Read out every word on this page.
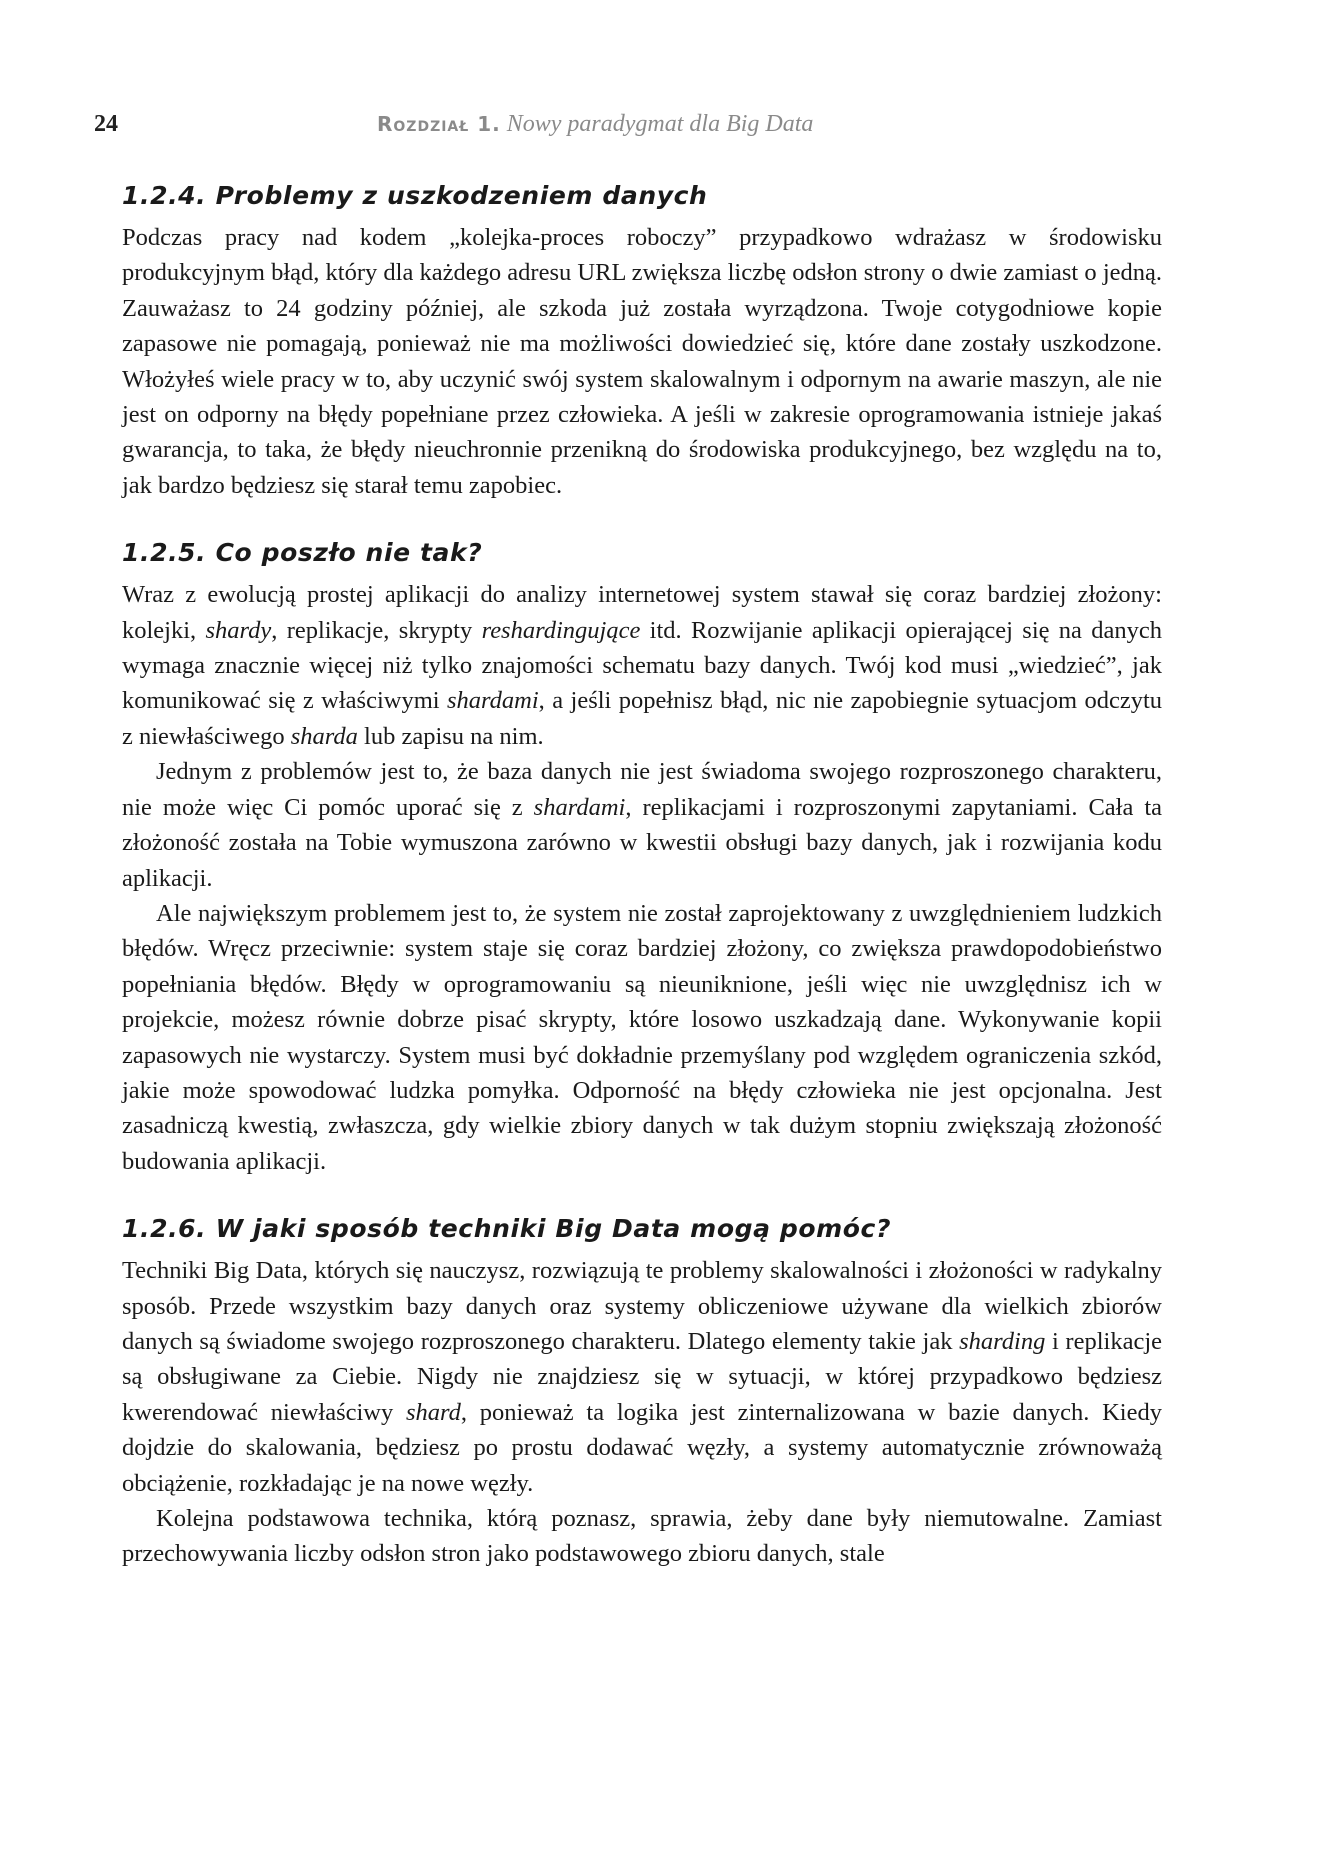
24	Rozdział 1. Nowy paradygmat dla Big Data
1.2.4. Problemy z uszkodzeniem danych

Podczas pracy nad kodem „kolejka-proces roboczy” przypadkowo wdrażasz w środowisku produkcyjnym błąd, który dla każdego adresu URL zwiększa liczbę odsłon strony o dwie zamiast o jedną. Zauważasz to 24 godziny później, ale szkoda już została wyrządzona. Twoje cotygodniowe kopie zapasowe nie pomagają, ponieważ nie ma możliwości dowiedzieć się, które dane zostały uszkodzone. Włożyłeś wiele pracy w to, aby uczynić swój system skalowalnym i odpornym na awarie maszyn, ale nie jest on odporny na błędy popełniane przez człowieka. A jeśli w zakresie oprogramowania istnieje jakaś gwarancja, to taka, że błędy nieuchronnie przenikną do środowiska produkcyjnego, bez względu na to, jak bardzo będziesz się starał temu zapobiec.

1.2.5. Co poszło nie tak?

Wraz z ewolucją prostej aplikacji do analizy internetowej system stawał się coraz bardziej złożony: kolejki, shardy, replikacje, skrypty reshardingujące itd. Rozwijanie aplikacji opierającej się na danych wymaga znacznie więcej niż tylko znajomości schematu bazy danych. Twój kod musi „wiedzieć”, jak komunikować się z właściwymi shardami, a jeśli popełnisz błąd, nic nie zapobiegnie sytuacjom odczytu z niewłaściwego sharda lub zapisu na nim.

Jednym z problemów jest to, że baza danych nie jest świadoma swojego rozproszonego charakteru, nie może więc Ci pomóc uporać się z shardami, replikacjami i rozproszonymi zapytaniami. Cała ta złożoność została na Tobie wymuszona zarówno w kwestii obsługi bazy danych, jak i rozwijania kodu aplikacji.

Ale największym problemem jest to, że system nie został zaprojektowany z uwzględnieniem ludzkich błędów. Wręcz przeciwnie: system staje się coraz bardziej złożony, co zwiększa prawdopodobieństwo popełniania błędów. Błędy w oprogramowaniu są nieuniknione, jeśli więc nie uwzględnisz ich w projekcie, możesz równie dobrze pisać skrypty, które losowo uszkadzają dane. Wykonywanie kopii zapasowych nie wystarczy. System musi być dokładnie przemyślany pod względem ograniczenia szkód, jakie może spowodować ludzka pomyłka. Odporność na błędy człowieka nie jest opcjonalna. Jest zasadniczą kwestią, zwłaszcza, gdy wielkie zbiory danych w tak dużym stopniu zwiększają złożoność budowania aplikacji.

1.2.6. W jaki sposób techniki Big Data mogą pomóc?

Techniki Big Data, których się nauczysz, rozwiązują te problemy skalowalności i złożoności w radykalny sposób. Przede wszystkim bazy danych oraz systemy obliczeniowe używane dla wielkich zbiorów danych są świadome swojego rozproszonego charakteru. Dlatego elementy takie jak sharding i replikacje są obsługiwane za Ciebie. Nigdy nie znajdziesz się w sytuacji, w której przypadkowo będziesz kwerendować niewłaściwy shard, ponieważ ta logika jest zinternalizowana w bazie danych. Kiedy dojdzie do skalowania, będziesz po prostu dodawać węzły, a systemy automatycznie zrównoważą obciążenie, rozkładając je na nowe węzły.

Kolejna podstawowa technika, którą poznasz, sprawia, żeby dane były niemutowalne. Zamiast przechowywania liczby odsłon stron jako podstawowego zbioru danych, stale
